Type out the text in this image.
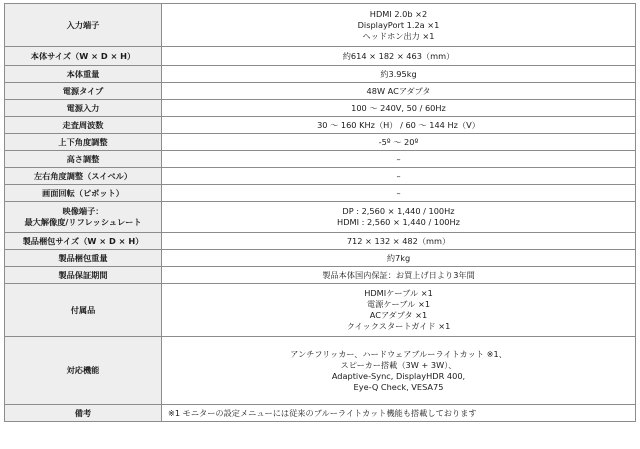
入力端子	HDMI 2.0b ×2
DisplayPort 1.2a ×1
ヘッドホン出力 ×1

本体サイズ（W × D × H）	約614 × 182 × 463（mm）

本体重量	約3.95kg

電源タイプ	48W ACアダプタ

電源入力	100 ～ 240V, 50 / 60Hz

走査周波数	30 ～ 160 KHz（H） / 60 ～ 144 Hz（V）

上下角度調整	-5º ～ 20º

高さ調整	–

左右角度調整（スイベル）	–

画面回転（ピボット）	–

映像端子：
最大解像度/リフレッシュレート	DP : 2,560 × 1,440 / 100Hz
HDMI : 2,560 × 1,440 / 100Hz

製品梱包サイズ（W × D × H）	712 × 132 × 482（mm）

製品梱包重量	約7kg

製品保証期間	製品本体国内保証：お買上げ日より3年間

付属品	HDMIケーブル ×1
電源ケーブル ×1
ACアダプタ ×1
クイックスタートガイド ×1

対応機能	アンチフリッカー、ハードウェアブルーライトカット ※1、
スピーカー搭載（3W + 3W）、
Adaptive-Sync, DisplayHDR 400,
Eye-Q Check, VESA75

備考	※1 モニターの設定メニューには従来のブルーライトカット機能も搭載しております
